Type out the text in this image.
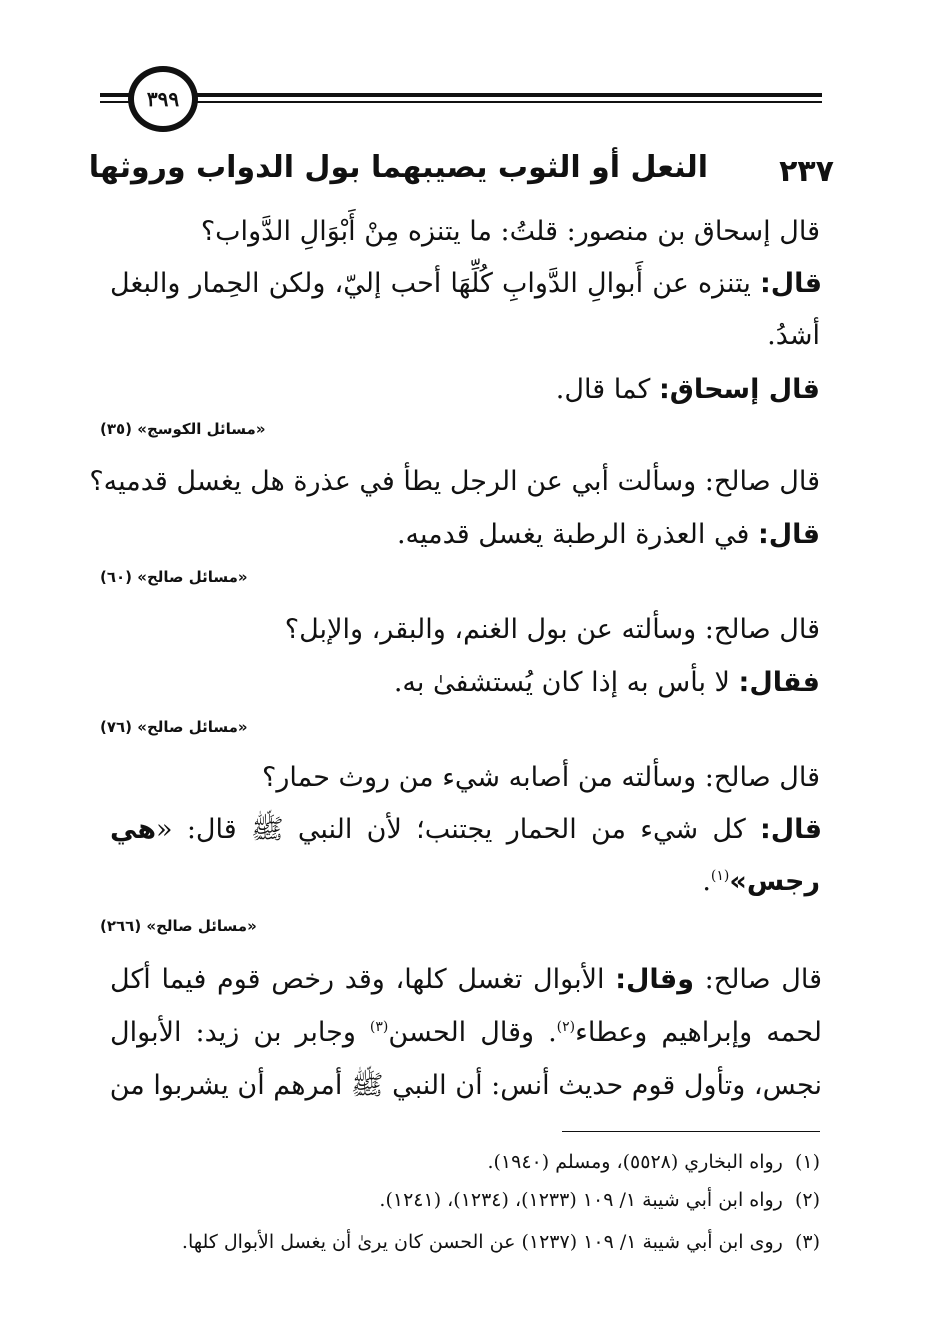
٣٩٩
٢٣٧
النعل أو الثوب يصيبهما بول الدواب وروثها
قال إسحاق بن منصور: قلتُ: ما يتنزه مِنْ أَبْوَالِ الدَّواب؟
قال: يتنزه عن أَبوالِ الدَّوابِ كُلِّهَا أحب إليّ، ولكن الحِمار والبغل
أشدُ.
قال إسحاق: كما قال.
«مسائل الكوسج» (٣٥)
قال صالح: وسألت أبي عن الرجل يطأ في عذرة هل يغسل قدميه؟
قال: في العذرة الرطبة يغسل قدميه.
«مسائل صالح» (٦٠)
قال صالح: وسألته عن بول الغنم، والبقر، والإبل؟
فقال: لا بأس به إذا كان يُستشفىٰ به.
«مسائل صالح» (٧٦)
قال صالح: وسألته من أصابه شيء من روث حمار؟
قال: كل شيء من الحمار يجتنب؛ لأن النبي ﷺ قال: «هي
رجس»$^{(١)}$.
«مسائل صالح» (٢٦٦)
قال صالح: وقال: الأبوال تغسل كلها، وقد رخص قوم فيما أكل
لحمه وإبراهيم وعطاء$^{(٢)}$. وقال الحسن$^{(٣)}$ وجابر بن زيد: الأبوال
نجس، وتأول قوم حديث أنس: أن النبي ﷺ أمرهم أن يشربوا من
(١)  رواه البخاري (٥٥٢٨)، ومسلم (١٩٤٠).
(٢)  رواه ابن أبي شيبة ١/ ١٠٩ (١٢٣٣)، (١٢٣٤)، (١٢٤١).
(٣)  روى ابن أبي شيبة ١/ ١٠٩ (١٢٣٧) عن الحسن كان يرىٰ أن يغسل الأبوال كلها.
